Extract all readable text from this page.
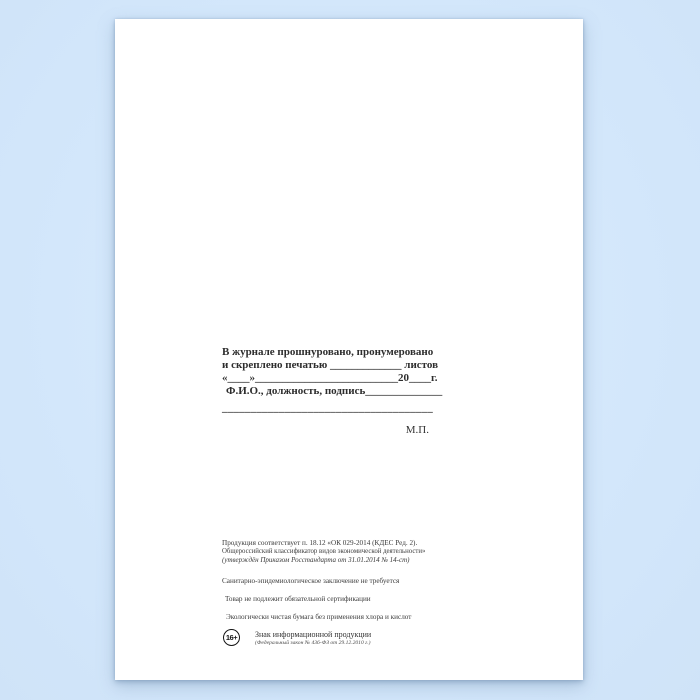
В журнале прошнуровано, пронумеровано
и скреплено печатью _____________ листов
«____»__________________________20____г.
Ф.И.О., должность, подпись______________
_____________________________________
М.П.
Продукция соответствует п. 18.12 «ОК 029-2014 (КДЕС Ред. 2).
Общероссийский классификатор видов экономической деятельности»
(утверждён Приказом Росстандарта от 31.01.2014 № 14-ст)
Санитарно-эпидемиологическое заключение не требуется
Товар не подлежит обязательной сертификации
Экологически чистая бумага без применения хлора и кислот
16+	Знак информационной продукции
(Федеральный закон № 436-ФЗ от 29.12.2010 г.)
